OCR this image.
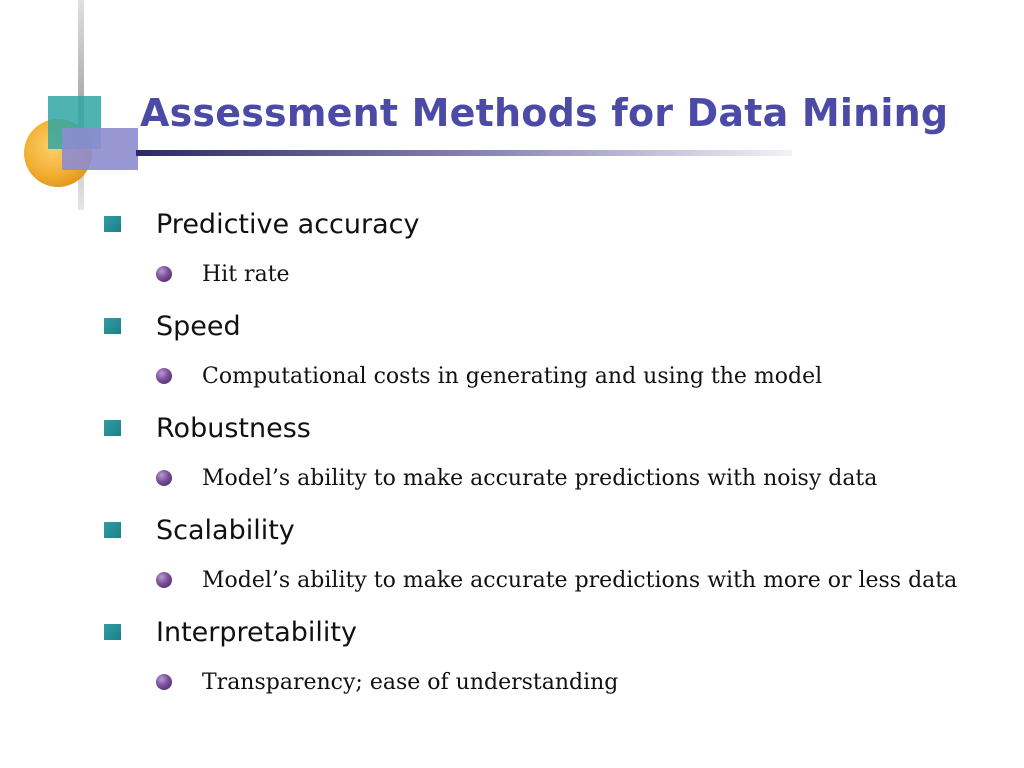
Assessment Methods for Data Mining
Predictive accuracy
Hit rate
Speed
Computational costs in generating and using the model
Robustness
Model’s ability to make accurate predictions with noisy data
Scalability
Model’s ability to make accurate predictions with more or less data
Interpretability
Transparency; ease of understanding
